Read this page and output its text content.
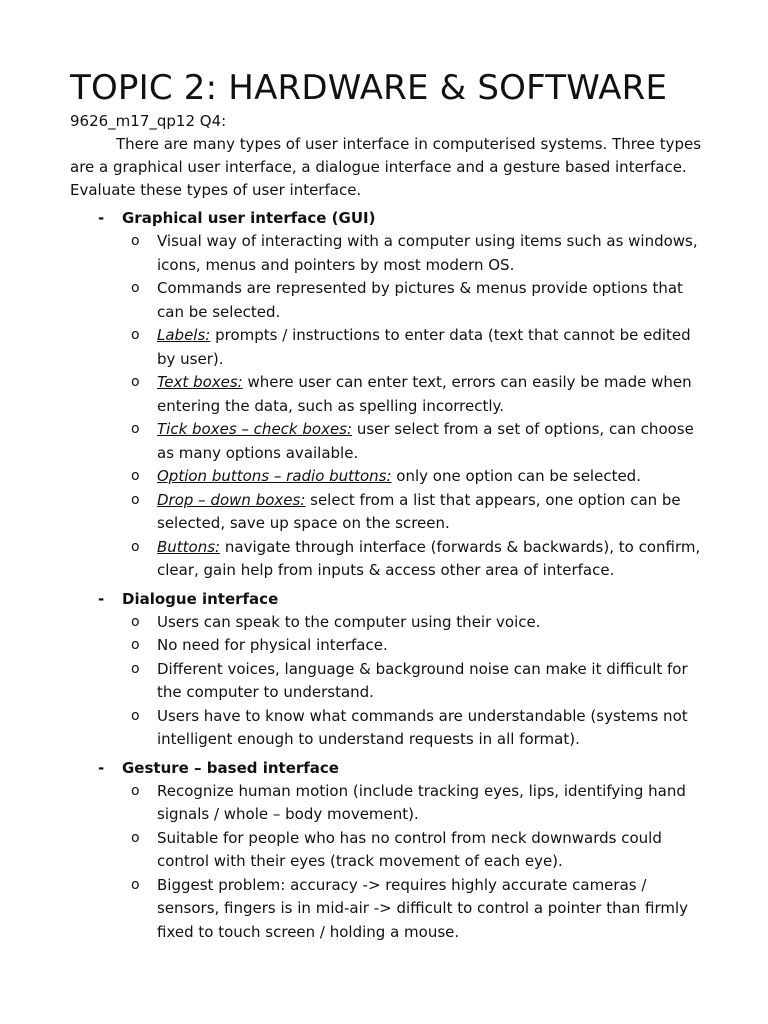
TOPIC 2: HARDWARE & SOFTWARE

9626_m17_qp12 Q4:

There are many types of user interface in computerised systems. Three types are a graphical user interface, a dialogue interface and a gesture based interface. Evaluate these types of user interface.

- Graphical user interface (GUI)
o Visual way of interacting with a computer using items such as windows, icons, menus and pointers by most modern OS.
o Commands are represented by pictures & menus provide options that can be selected.
o Labels: prompts / instructions to enter data (text that cannot be edited by user).
o Text boxes: where user can enter text, errors can easily be made when entering the data, such as spelling incorrectly.
o Tick boxes – check boxes: user select from a set of options, can choose as many options available.
o Option buttons – radio buttons: only one option can be selected.
o Drop – down boxes: select from a list that appears, one option can be selected, save up space on the screen.
o Buttons: navigate through interface (forwards & backwards), to confirm, clear, gain help from inputs & access other area of interface.
- Dialogue interface
o Users can speak to the computer using their voice.
o No need for physical interface.
o Different voices, language & background noise can make it difficult for the computer to understand.
o Users have to know what commands are understandable (systems not intelligent enough to understand requests in all format).
- Gesture – based interface
o Recognize human motion (include tracking eyes, lips, identifying hand signals / whole – body movement).
o Suitable for people who has no control from neck downwards could control with their eyes (track movement of each eye).
o Biggest problem: accuracy -> requires highly accurate cameras / sensors, fingers is in mid-air -> difficult to control a pointer than firmly fixed to touch screen / holding a mouse.
